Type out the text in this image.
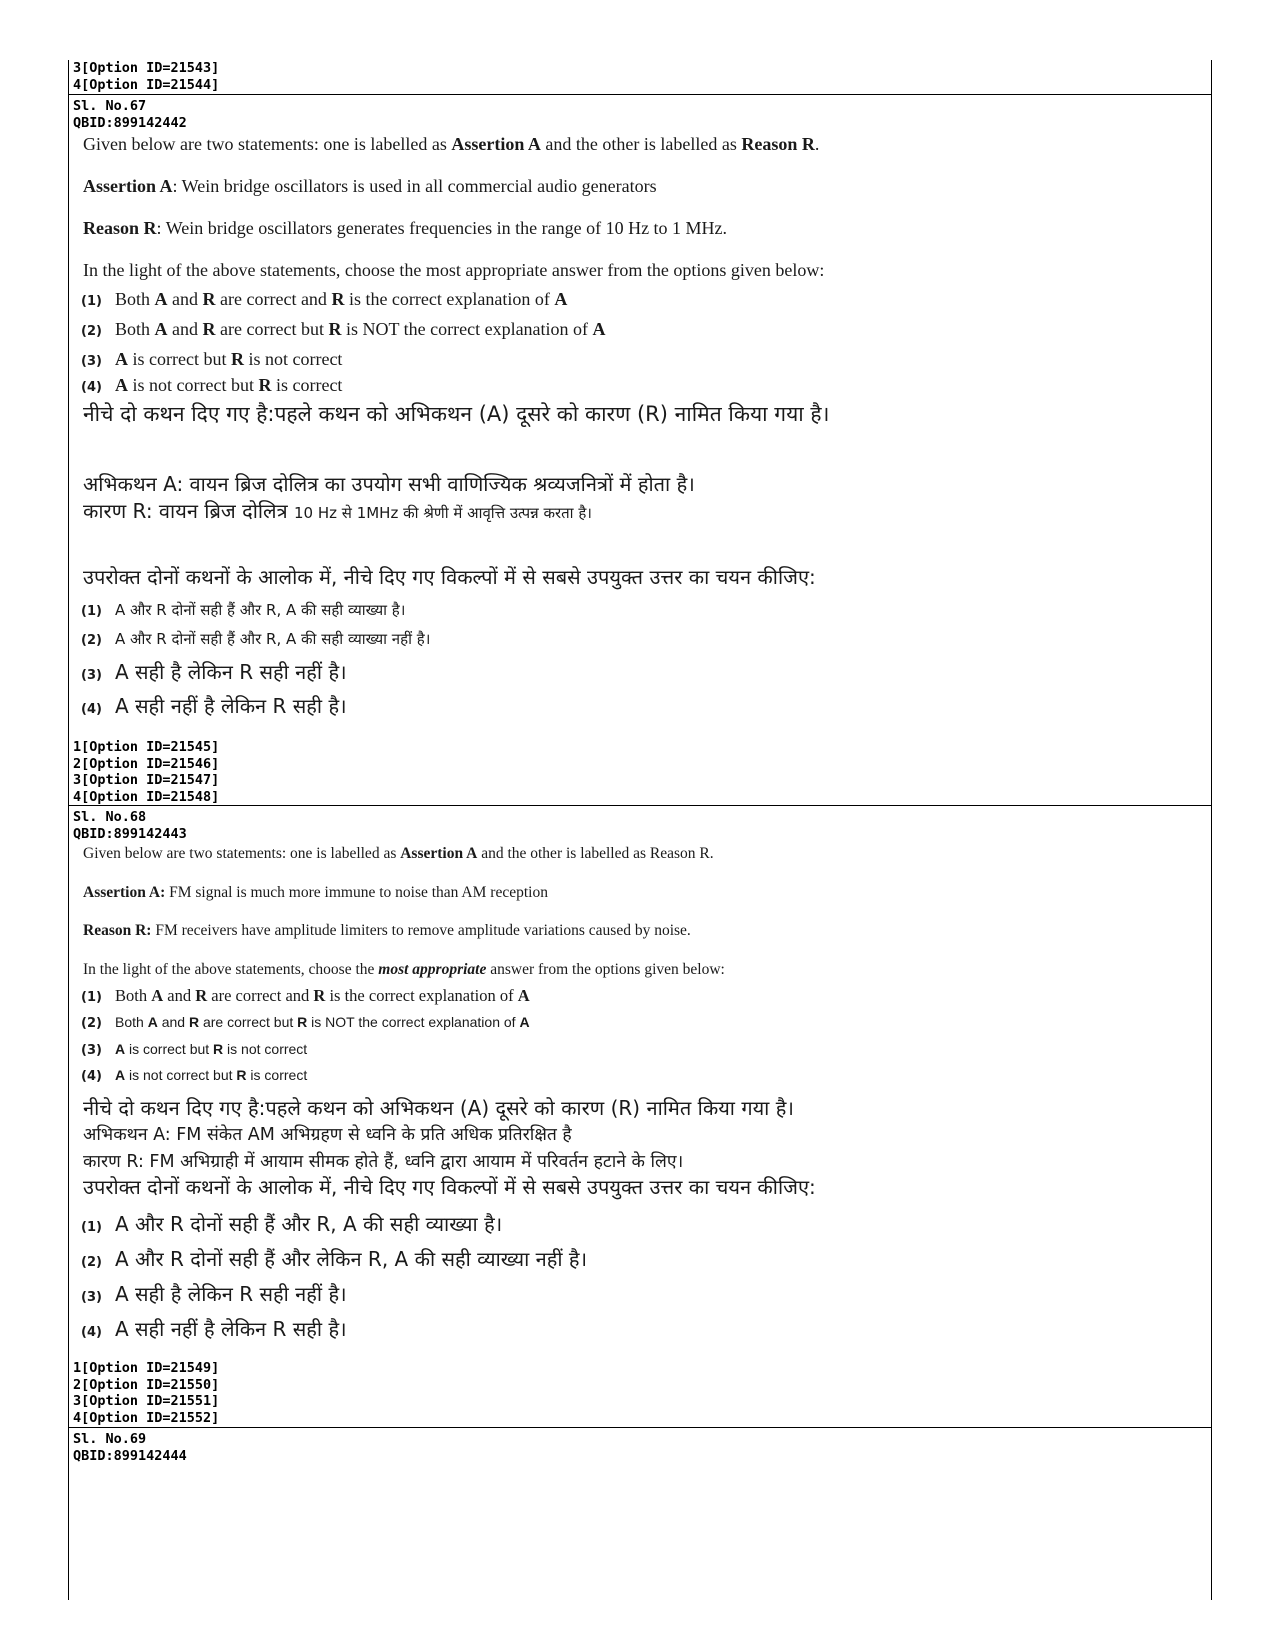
3[Option ID=21543]
4[Option ID=21544]
Sl. No.67
QBID:899142442
Given below are two statements: one is labelled as Assertion A and the other is labelled as Reason R.
Assertion A: Wein bridge oscillators is used in all commercial audio generators
Reason R: Wein bridge oscillators generates frequencies in the range of 10 Hz to 1 MHz.
In the light of the above statements, choose the most appropriate answer from the options given below:
(1) Both A and R are correct and R is the correct explanation of A
(2) Both A and R are correct but R is NOT the correct explanation of A
(3) A is correct but R is not correct
(4) A is not correct but R is correct
नीचे दो कथन दिए गए है:पहले कथन को अभिकथन (A) दूसरे को कारण (R) नामित किया गया है।
अभिकथन A: वायन ब्रिज दोलित्र का उपयोग सभी वाणिज्यिक श्रव्यजनित्रों में होता है।
कारण R: वायन ब्रिज दोलित्र 10 Hz से 1MHz की श्रेणी में आवृत्ति उत्पन्न करता है।
उपरोक्त दोनों कथनों के आलोक में, नीचे दिए गए विकल्पों में से सबसे उपयुक्त उत्तर का चयन कीजिए:
(1) A और R दोनों सही हैं और R, A की सही व्याख्या है।
(2) A और R दोनों सही हैं और R, A की सही व्याख्या नहीं है।
(3) A सही है लेकिन R सही नहीं है।
(4) A सही नहीं है लेकिन R सही है।
1[Option ID=21545]
2[Option ID=21546]
3[Option ID=21547]
4[Option ID=21548]
Sl. No.68
QBID:899142443
Given below are two statements: one is labelled as Assertion A and the other is labelled as Reason R.
Assertion A: FM signal is much more immune to noise than AM reception
Reason R: FM receivers have amplitude limiters to remove amplitude variations caused by noise.
In the light of the above statements, choose the most appropriate answer from the options given below:
(1) Both A and R are correct and R is the correct explanation of A
(2) Both A and R are correct but R is NOT the correct explanation of A
(3) A is correct but R is not correct
(4) A is not correct but R is correct
नीचे दो कथन दिए गए है:पहले कथन को अभिकथन (A) दूसरे को कारण (R) नामित किया गया है।
अभिकथन A: FM संकेत AM अभिग्रहण से ध्वनि के प्रति अधिक प्रतिरक्षित है
कारण R: FM अभिग्राही में आयाम सीमक होते हैं, ध्वनि द्वारा आयाम में परिवर्तन हटाने के लिए।
उपरोक्त दोनों कथनों के आलोक में, नीचे दिए गए विकल्पों में से सबसे उपयुक्त उत्तर का चयन कीजिए:
(1) A और R दोनों सही हैं और R, A की सही व्याख्या है।
(2) A और R दोनों सही हैं और लेकिन R, A की सही व्याख्या नहीं है।
(3) A सही है लेकिन R सही नहीं है।
(4) A सही नहीं है लेकिन R सही है।
1[Option ID=21549]
2[Option ID=21550]
3[Option ID=21551]
4[Option ID=21552]
Sl. No.69
QBID:899142444
